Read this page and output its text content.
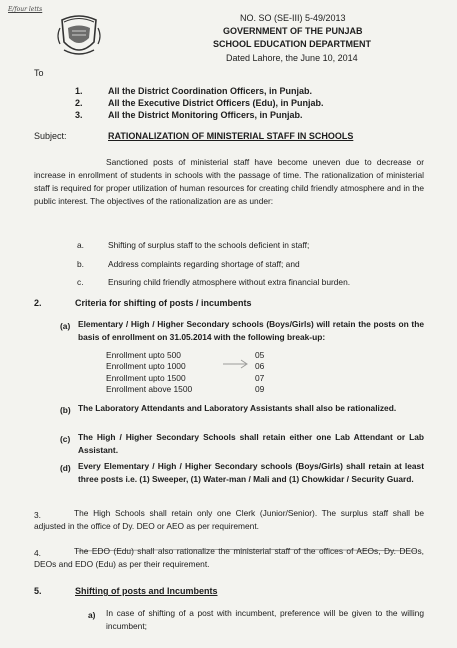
E/four letts
NO. SO (SE-III) 5-49/2013
GOVERNMENT OF THE PUNJAB
SCHOOL EDUCATION DEPARTMENT
Dated Lahore, the June 10, 2014
To
1.	All the District Coordination Officers, in Punjab.
2.	All the Executive District Officers (Edu), in Punjab.
3.	All the District Monitoring Officers, in Punjab.
Subject:	RATIONALIZATION OF MINISTERIAL STAFF IN SCHOOLS
Sanctioned posts of ministerial staff have become uneven due to decrease or increase in enrollment of students in schools with the passage of time. The rationalization of ministerial staff is required for proper utilization of human resources for creating child friendly atmosphere and in the public interest. The objectives of the rationalization are as under:
a.	Shifting of surplus staff to the schools deficient in staff;
b.	Address complaints regarding shortage of staff; and
c.	Ensuring child friendly atmosphere without extra financial burden.
2.	Criteria for shifting of posts / incumbents
(a) Elementary / High / Higher Secondary schools (Boys/Girls) will retain the posts on the basis of enrollment on 31.05.2014 with the following break-up:
Enrollment upto 500	05
Enrollment upto 1000	06
Enrollment upto 1500	07
Enrollment above 1500	09
(b) The Laboratory Attendants and Laboratory Assistants shall also be rationalized.
(c) The High / Higher Secondary Schools shall retain either one Lab Attendant or Lab Assistant.
(d) Every Elementary / High / Higher Secondary schools (Boys/Girls) shall retain at least three posts i.e. (1) Sweeper, (1) Water-man / Mali and (1) Chowkidar / Security Guard.
3.	The High Schools shall retain only one Clerk (Junior/Senior). The surplus staff shall be adjusted in the office of Dy. DEO or AEO as per requirement.
4.	The EDO (Edu) shall also rationalize the ministerial staff of the offices of AEOs, Dy. DEOs, DEOs and EDO (Edu) as per their requirement.
5.	Shifting of posts and Incumbents
a) In case of shifting of a post with incumbent, preference will be given to the willing incumbent;
